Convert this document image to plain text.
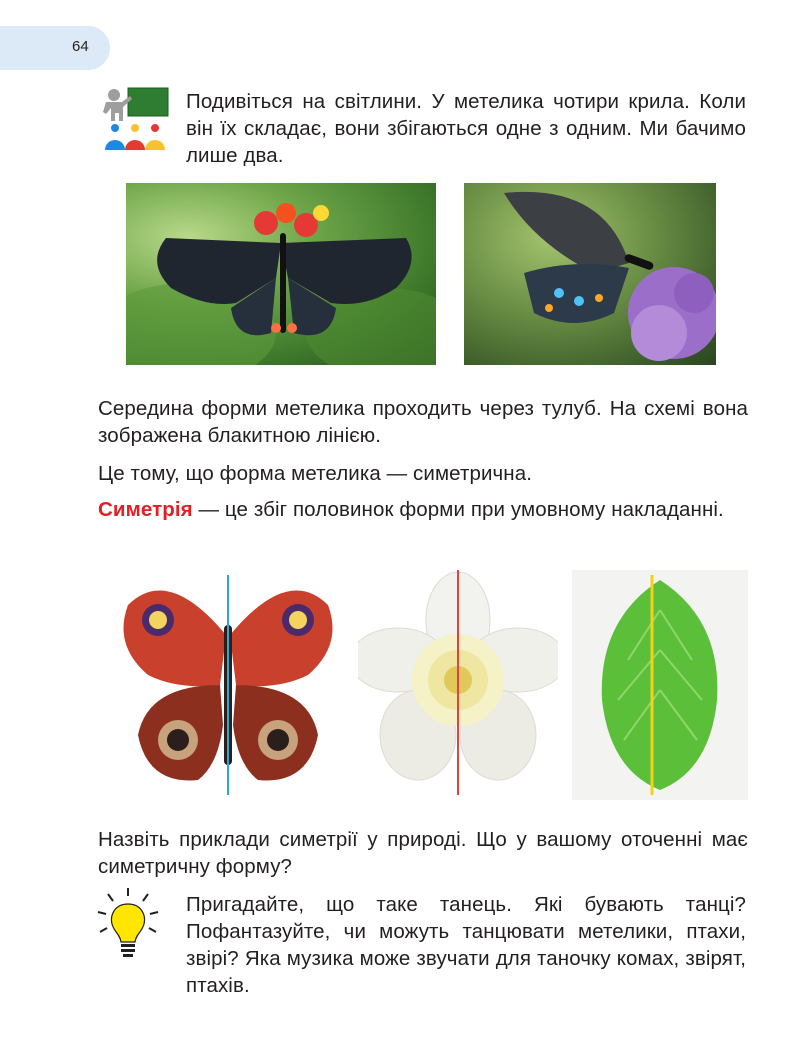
64

Подивіться на світлини. У метелика чотири крила. Коли він їх складає, вони збігаються одне з одним. Ми бачимо лише два.

Середина форми метелика проходить через тулуб. На схемі вона зображена блакитною лінією.

Це тому, що форма метелика — симетрична.

Симетрія — це збіг половинок форми при умовному накладанні.

Назвіть приклади симетрії у природі. Що у вашому оточенні має симетричну форму?

Пригадайте, що таке танець. Які бувають танці? Пофантазуйте, чи можуть танцювати метелики, птахи, звірі? Яка музика може звучати для таночку комах, звірят, птахів.
